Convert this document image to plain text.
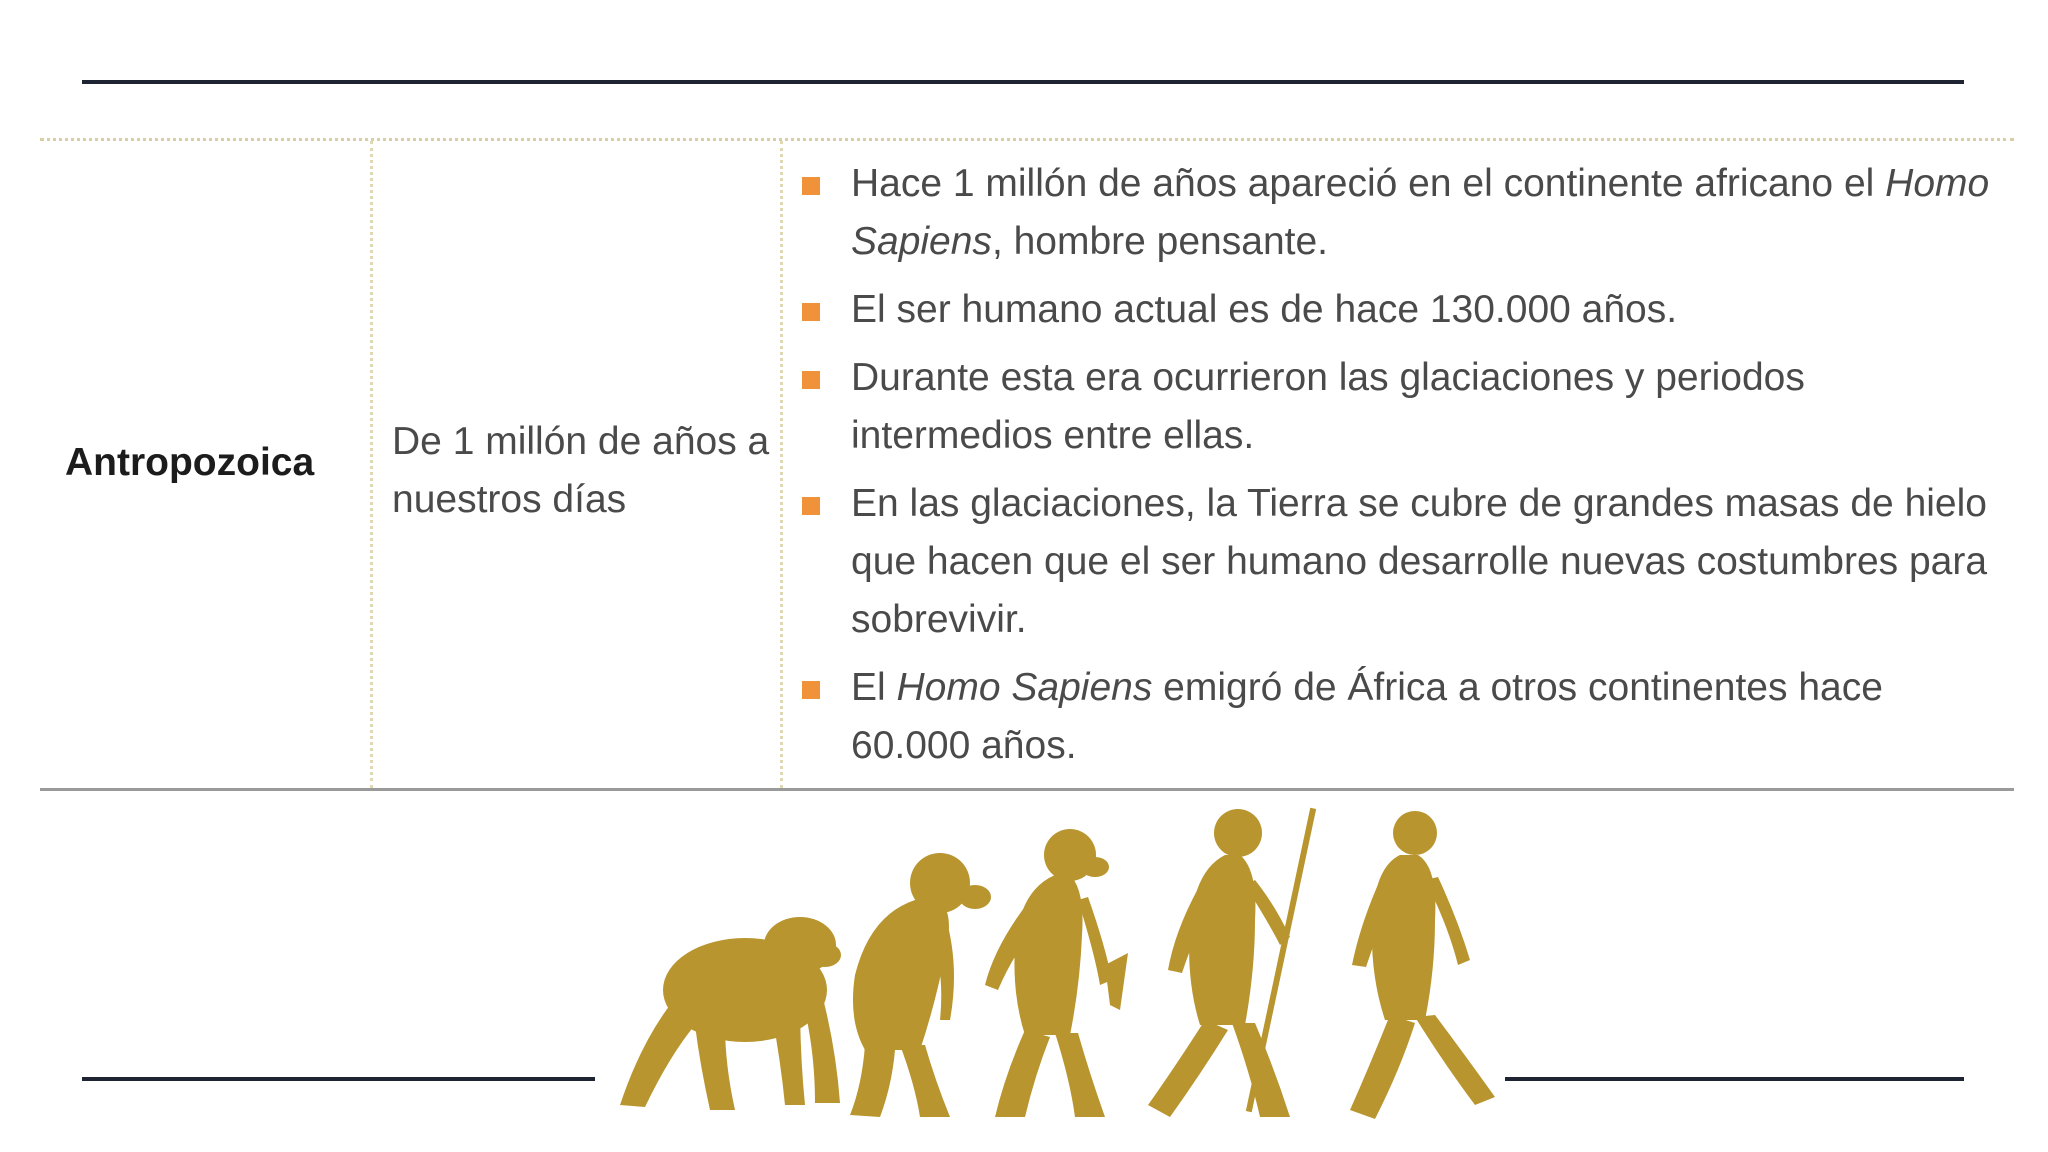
Antropozoica De 1 millón de años a nuestros días
Hace 1 millón de años apareció en el continente africano el Homo Sapiens, hombre pensante.
El ser humano actual es de hace 130.000 años.
Durante esta era ocurrieron las glaciaciones y periodos intermedios entre ellas.
En las glaciaciones, la Tierra se cubre de grandes masas de hielo que hacen que el ser humano desarrolle nuevas costumbres para sobrevivir.
El Homo Sapiens emigró de África a otros continentes hace 60.000 años.
